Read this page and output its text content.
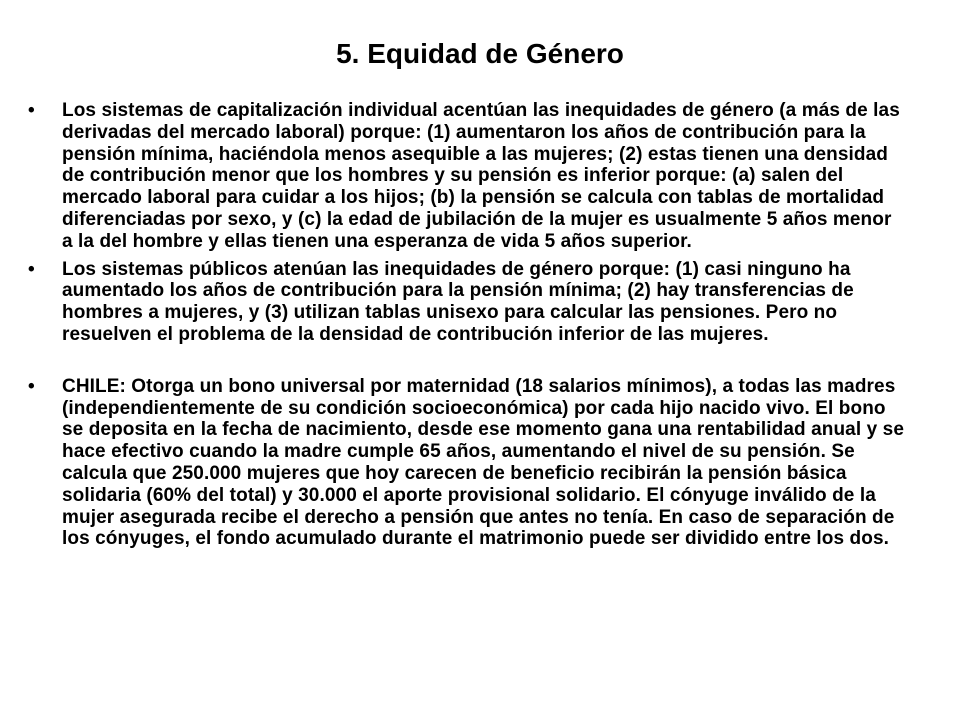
5. Equidad de Género
• Los sistemas de capitalización individual acentúan las inequidades de género (a más de las derivadas del mercado laboral) porque: (1) aumentaron los años de contribución para la pensión mínima, haciéndola menos asequible a las mujeres; (2) estas tienen una densidad de contribución menor que los hombres y su pensión es inferior porque: (a) salen del mercado laboral para cuidar a los hijos; (b) la pensión se calcula con tablas de mortalidad diferenciadas por sexo, y (c) la edad de jubilación de la mujer es usualmente 5 años menor a la del hombre y ellas tienen una esperanza de vida 5 años superior.
• Los sistemas públicos atenúan las inequidades de género porque: (1) casi ninguno ha aumentado los años de contribución para la pensión mínima; (2) hay transferencias de hombres a mujeres, y (3) utilizan tablas unisexo para calcular las pensiones. Pero no resuelven el problema de la densidad de contribución inferior de las mujeres.
• CHILE: Otorga un bono universal por maternidad (18 salarios mínimos), a todas las madres (independientemente de su condición socioeconómica) por cada hijo nacido vivo. El bono se deposita en la fecha de nacimiento, desde ese momento gana una rentabilidad anual y se hace efectivo cuando la madre cumple 65 años, aumentando el nivel de su pensión. Se calcula que 250.000 mujeres que hoy carecen de beneficio recibirán la pensión básica solidaria (60% del total) y 30.000 el aporte provisional solidario. El cónyuge inválido de la mujer asegurada recibe el derecho a pensión que antes no tenía. En caso de separación de los cónyuges, el fondo acumulado durante el matrimonio puede ser dividido entre los dos.
